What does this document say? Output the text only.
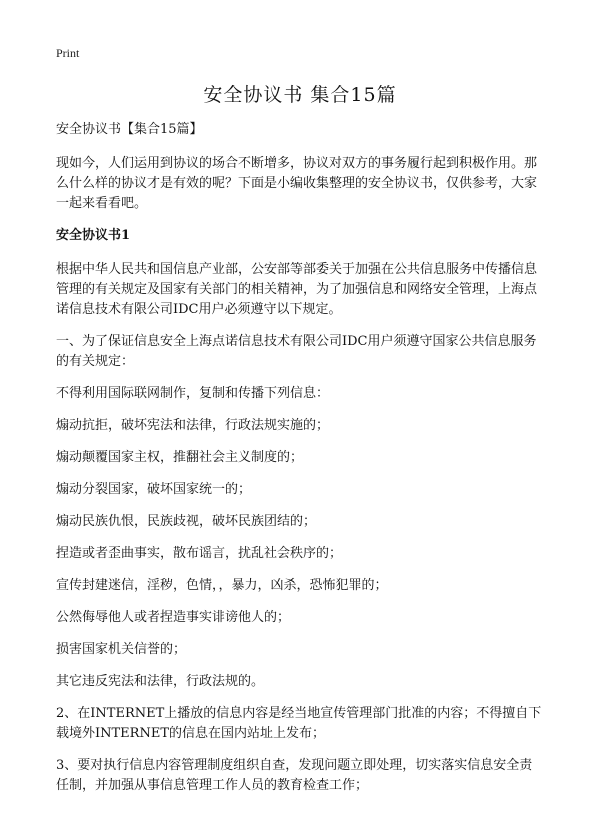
Print
安全协议书 集合15篇

安全协议书【集合15篇】

现如今，人们运用到协议的场合不断增多，协议对双方的事务履行起到积极作用。那么什么样的协议才是有效的呢？下面是小编收集整理的安全协议书，仅供参考，大家一起来看看吧。

安全协议书1

根据中华人民共和国信息产业部，公安部等部委关于加强在公共信息服务中传播信息管理的有关规定及国家有关部门的相关精神，为了加强信息和网络安全管理，上海点诺信息技术有限公司IDC用户必须遵守以下规定。

一、为了保证信息安全上海点诺信息技术有限公司IDC用户须遵守国家公共信息服务的有关规定：

不得利用国际联网制作，复制和传播下列信息：

煽动抗拒，破坏宪法和法律，行政法规实施的；

煽动颠覆国家主权，推翻社会主义制度的；

煽动分裂国家，破坏国家统一的；

煽动民族仇恨，民族歧视，破坏民族团结的；

捏造或者歪曲事实，散布谣言，扰乱社会秩序的；

宣传封建迷信，淫秽，色情，，暴力，凶杀，恐怖犯罪的；

公然侮辱他人或者捏造事实诽谤他人的；

损害国家机关信誉的；

其它违反宪法和法律，行政法规的。

2、在INTERNET上播放的信息内容是经当地宣传管理部门批准的内容；不得擅自下载境外INTERNET的信息在国内站址上发布；

3、要对执行信息内容管理制度组织自查，发现问题立即处理，切实落实信息安全责任制，并加强从事信息管理工作人员的教育检查工作；
